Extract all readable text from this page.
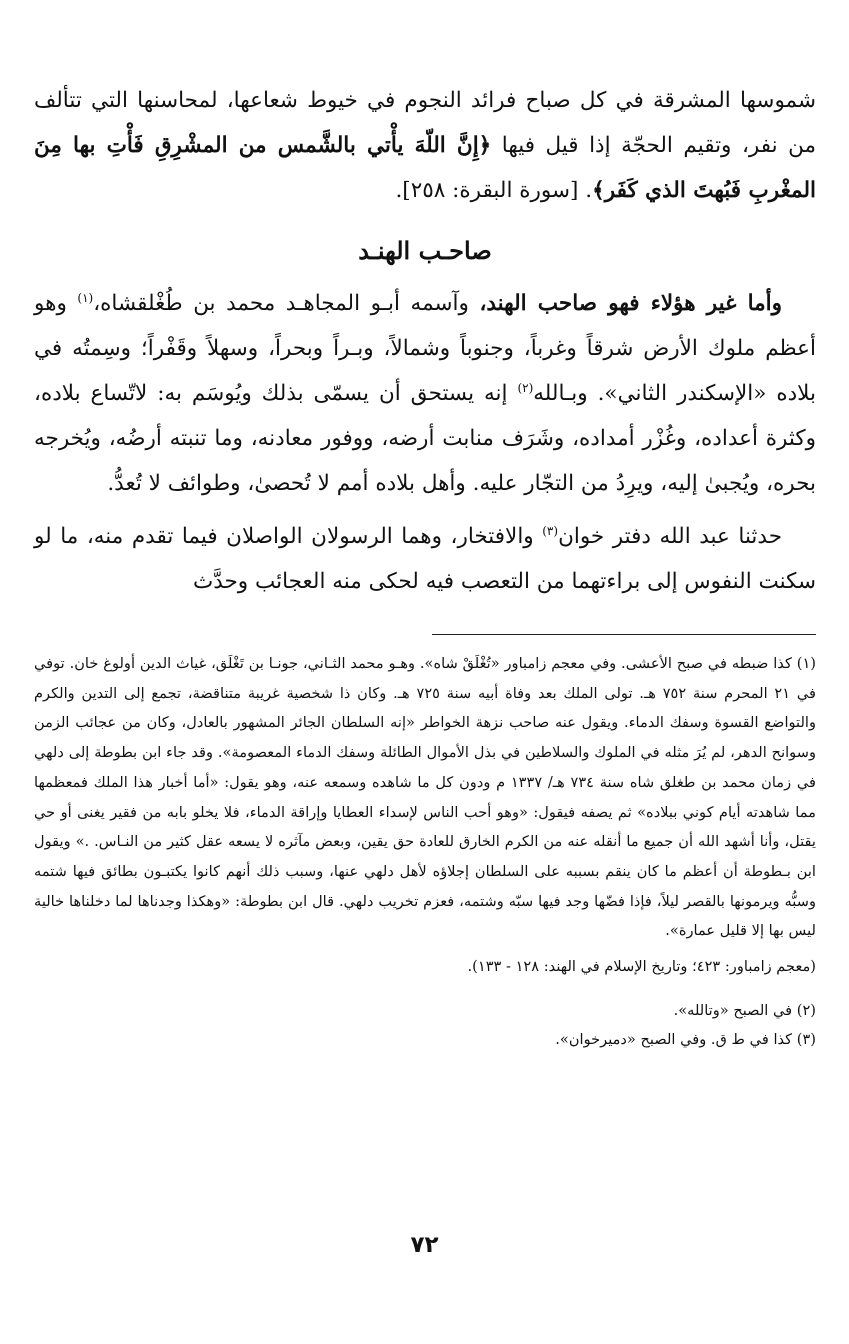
شموسها المشرقة في كل صباح فرائد النجوم في خيوط شعاعها، لمحاسنها التي تتألف من نفر، وتقيم الحجّة إذا قيل فيها ﴿إِنَّ اللّهَ يأْتي بالشَّمس من المشْرِقِ فَأْتِ بها مِنَ المغْربِ فَبُهتَ الذي كَفَر﴾. [سورة البقرة: ٢٥٨].

صاحـب الهنـد

وأما غير هؤلاء فهو صاحب الهند، وآسمه أبـو المجاهـد محمد بن طُغْلقشاه،$^{(١)}$ وهو أعظم ملوك الأرض شرقاً وغرباً، وجنوباً وشمالاً، وبـراً وبحراً، وسهلاً وقَفْراً؛ وسِمتُه في بلاده «الإسكندر الثاني». وبـالله$^{(٢)}$ إنه يستحق أن يسمّى بذلك ويُوسَم به: لاتّساع بلاده، وكثرة أعداده، وغُزْر أمداده، وشَرَف منابت أرضه، ووفور معادنه، وما تنبته أرضُه، ويُخرجه بحره، ويُجبىٰ إليه، ويرِدُ من التجّار عليه. وأهل بلاده أمم لا تُحصىٰ، وطوائف لا تُعدُّ.

حدثنا عبد الله دفتر خوان$^{(٣)}$ والافتخار، وهما الرسولان الواصلان فيما تقدم منه، ما لو سكنت النفوس إلى براءتهما من التعصب فيه لحكى منه العجائب وحدَّث

(١) كذا ضبطه في صبح الأعشى. وفي معجم زامباور «تُغْلَقْ شاه». وهـو محمد الثـاني، جونـا بن تَغْلَق، غياث الدين أولوغ خان. توفي في ٢١ المحرم سنة ٧٥٢ هـ. تولى الملك بعد وفاة أبيه سنة ٧٢٥ هـ. وكان ذا شخصية غريبة متناقضة، تجمع إلى التدين والكرم والتواضع القسوة وسفك الدماء. ويقول عنه صاحب نزهة الخواطر «إنه السلطان الجائر المشهور بالعادل، وكان من عجائب الزمن وسوانح الدهر، لم يُرَ مثله في الملوك والسلاطين في بذل الأموال الطائلة وسفك الدماء المعصومة». وقد جاء ابن بطوطة إلى دلهي في زمان محمد بن طغلق شاه سنة ٧٣٤ هـ/ ١٣٣٧ م ودون كل ما شاهده وسمعه عنه، وهو يقول: «أما أخبار هذا الملك فمعظمها مما شاهدته أيام كوني ببلاده» ثم يصفه فيقول: «وهو أحب الناس لإسداء العطايا وإراقة الدماء، فلا يخلو بابه من فقير يغنى أو حي يقتل، وأنا أشهد الله أن جميع ما أنقله عنه من الكرم الخارق للعادة حق يقين، وبعض مآثره لا يسعه عقل كثير من النـاس. .» ويقول ابن بـطوطة أن أعظم ما كان ينقم بسببه على السلطان إجلاؤه لأهل دلهي عنها، وسبب ذلك أنهم كانوا يكتبـون بطائق فيها شتمه وسبُّه ويرمونها بالقصر ليلاً، فإذا فضّها وجد فيها سبّه وشتمه، فعزم تخريب دلهي. قال ابن بطوطة: «وهكذا وجدناها لما دخلناها خالية ليس بها إلا قليل عمارة».

(معجم زامباور: ٤٢٣؛ وتاريخ الإسلام في الهند: ١٢٨ - ١٣٣).

(٢) في الصبح «وتالله».

(٣) كذا في ط ق. وفي الصبح «دميرخوان».

٧٢
